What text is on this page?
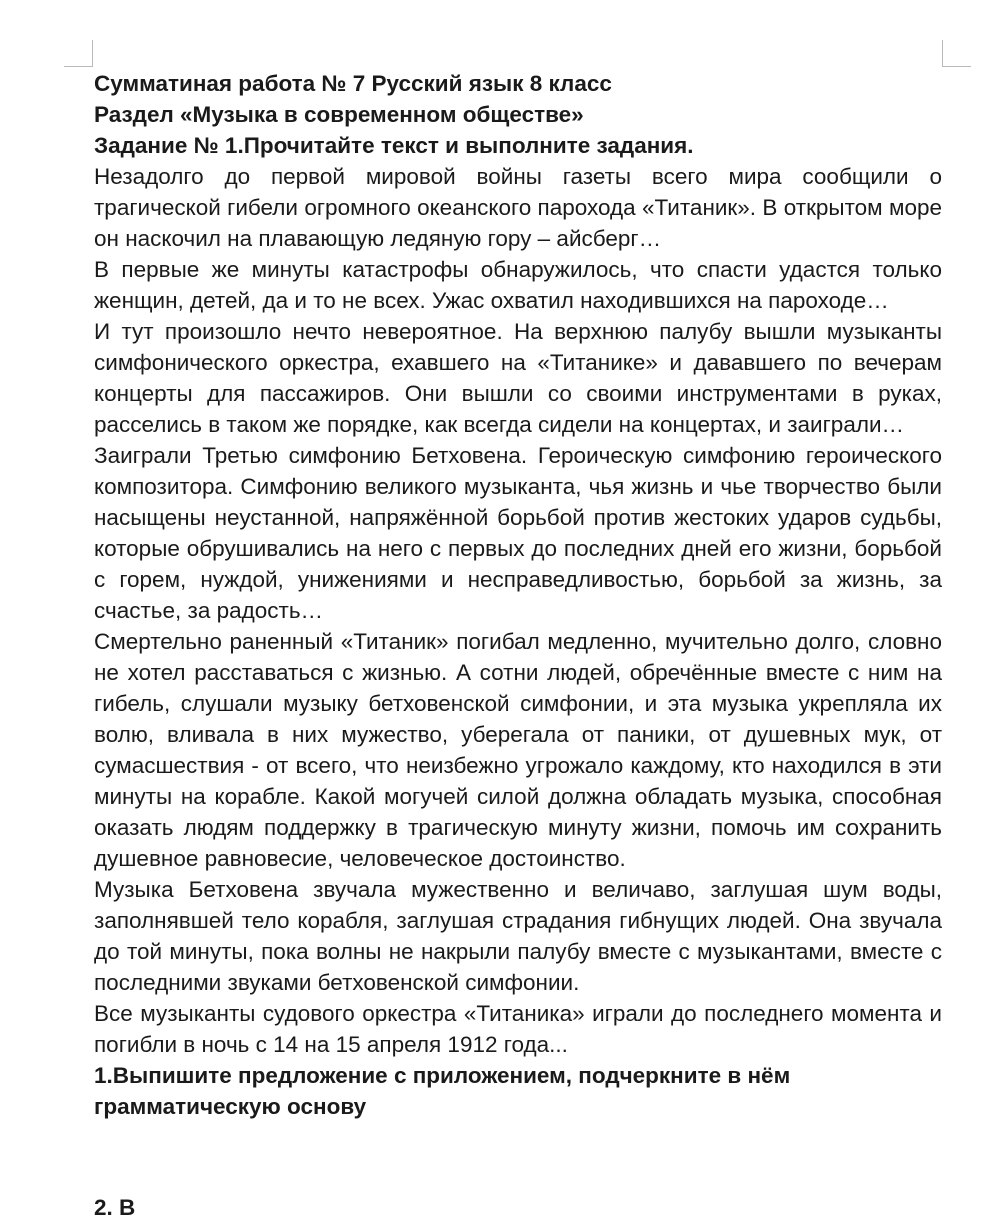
Сумматиная работа № 7 Русский язык 8 класс

Раздел «Музыка в современном обществе»

Задание № 1.Прочитайте текст и выполните задания.

Незадолго до первой мировой войны газеты всего мира сообщили о трагической гибели огромного океанского парохода «Титаник». В открытом море он наскочил на плавающую ледяную гору – айсберг…

В первые же минуты катастрофы обнаружилось, что спасти удастся только женщин, детей, да и то не всех. Ужас охватил находившихся на пароходе…

И тут произошло нечто невероятное. На верхнюю палубу вышли музыканты симфонического оркестра, ехавшего на «Титанике» и дававшего по вечерам концерты для пассажиров. Они вышли со своими инструментами в руках, расселись в таком же порядке, как всегда сидели на концертах, и заиграли…

Заиграли Третью симфонию Бетховена. Героическую симфонию героического композитора. Симфонию великого музыканта, чья жизнь и чье творчество были насыщены неустанной, напряжённой борьбой против жестоких ударов судьбы, которые обрушивались на него с первых до последних дней его жизни, борьбой с горем, нуждой, унижениями и несправедливостью, борьбой за жизнь, за счастье, за радость…

Смертельно раненный «Титаник» погибал медленно, мучительно долго, словно не хотел расставаться с жизнью. А сотни людей, обречённые вместе с ним на гибель, слушали музыку бетховенской симфонии, и эта музыка укрепляла их волю, вливала в них мужество, уберегала от паники, от душевных мук, от сумасшествия - от всего, что неизбежно угрожало каждому, кто находился в эти минуты на корабле. Какой могучей силой должна обладать музыка, способная оказать людям поддержку в трагическую минуту жизни, помочь им сохранить душевное равновесие, человеческое достоинство.

Музыка Бетховена звучала мужественно и величаво, заглушая шум воды, заполнявшей тело корабля, заглушая страдания гибнущих людей. Она звучала до той минуты, пока волны не накрыли палубу вместе с музыкантами, вместе с последними звуками бетховенской симфонии.

Все музыканты судового оркестра «Титаника» играли до последнего момента и погибли в ночь с 14 на 15 апреля 1912 года...

1.Выпишите предложение с приложением, подчеркните в нём грамматическую основу

2. В
